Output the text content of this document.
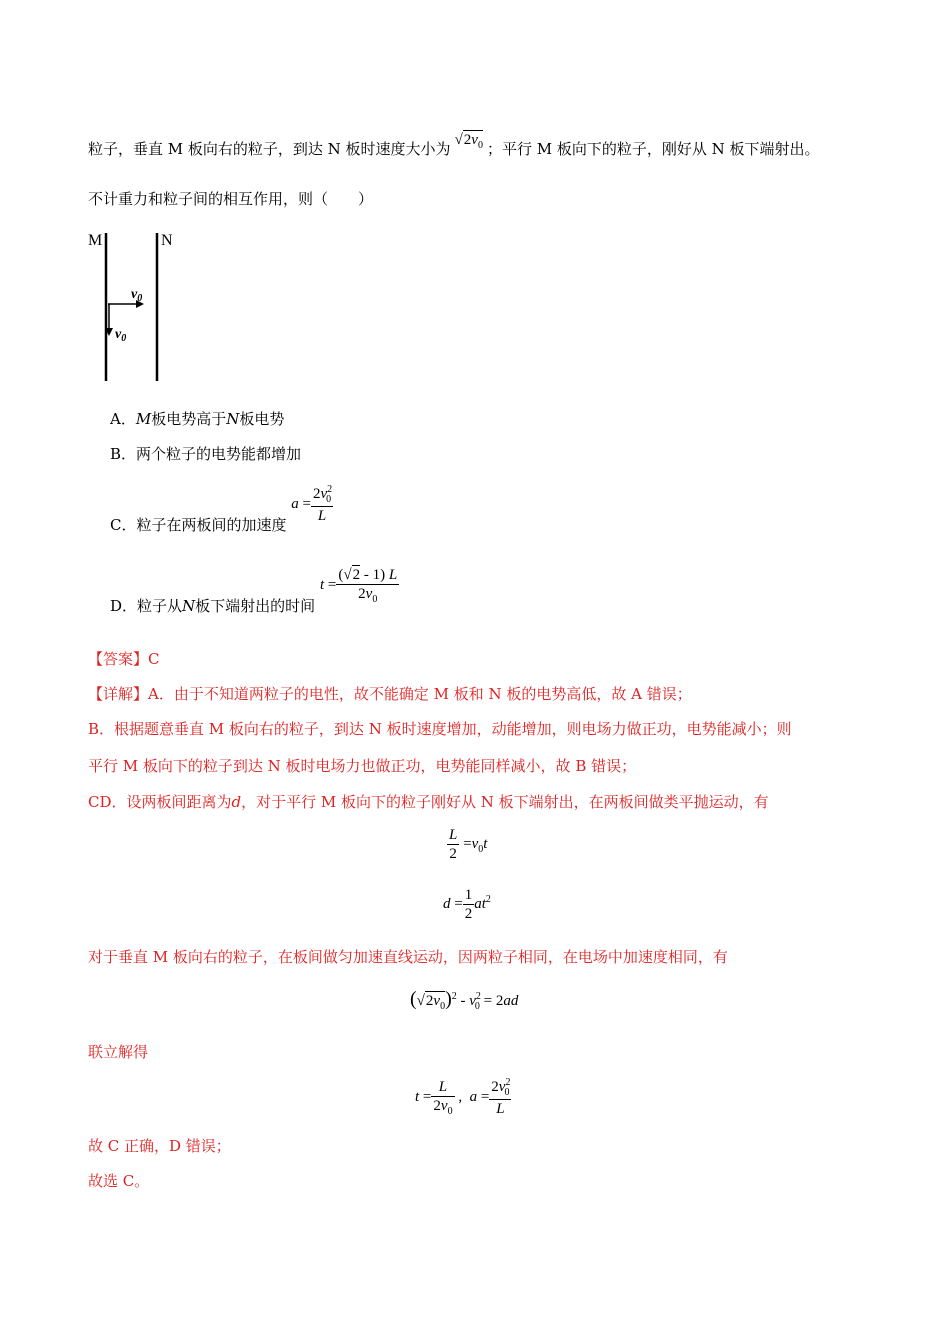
粒子，垂直 M 板向右的粒子，到达 N 板时速度大小为 $√2v_0$ ；平行 M 板向下的粒子，刚好从 N 板下端射出。
不计重力和粒子间的相互作用，则（　　）
M	N
$v_0$
$v_0$
A．M板电势高于N板电势
B．两个粒子的电势能都增加
C．粒子在两板间的加速度 $a = \frac{2v^2_0}{L}$
D．粒子从N板下端射出的时间 $t = \frac{(√2 - 1) L}{2v_0}$
【答案】C
【详解】A．由于不知道两粒子的电性，故不能确定 M 板和 N 板的电势高低，故 A 错误；
B．根据题意垂直 M 板向右的粒子，到达 N 板时速度增加，动能增加，则电场力做正功，电势能减小；则
平行 M 板向下的粒子到达 N 板时电场力也做正功，电势能同样减小，故 B 错误；
CD．设两板间距离为d，对于平行 M 板向下的粒子刚好从 N 板下端射出，在两板间做类平抛运动，有
$\frac{L}{2} =v_0t$
$d = \frac{1}{2} at^2$
对于垂直 M 板向右的粒子，在板间做匀加速直线运动，因两粒子相同，在电场中加速度相同，有
$(√2v_0)^2 - v^2_0 = 2ad$
联立解得
$t = \frac{L}{2v_0}$ ,  $a = \frac{2v^2_0}{L}$
故 C 正确，D 错误；
故选 C。
